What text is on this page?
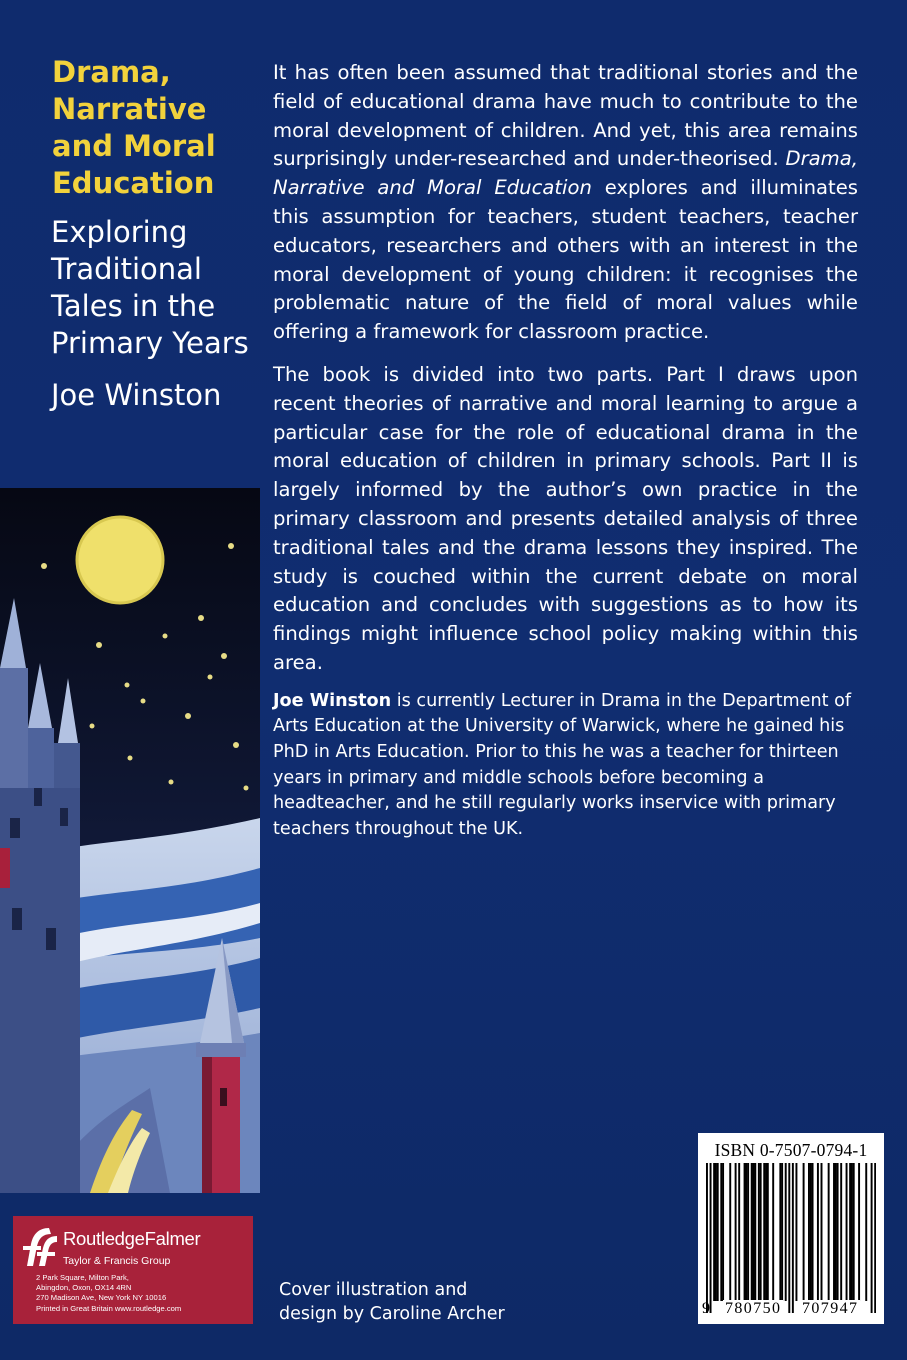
Drama,
Narrative
and Moral
Education
Exploring
Traditional
Tales in the
Primary Years
Joe Winston

It has often been assumed that traditional stories and the field of educational drama have much to contribute to the moral development of children. And yet, this area remains surprisingly under-researched and under-theorised. Drama, Narrative and Moral Education explores and illuminates this assumption for teachers, student teachers, teacher educators, researchers and others with an interest in the moral development of young children: it recognises the problematic nature of the field of moral values while offering a framework for classroom practice.

The book is divided into two parts. Part I draws upon recent theories of narrative and moral learning to argue a particular case for the role of educational drama in the moral education of children in primary schools. Part II is largely informed by the author’s own practice in the primary classroom and presents detailed analysis of three traditional tales and the drama lessons they inspired. The study is couched within the current debate on moral education and concludes with suggestions as to how its findings might influence school policy making within this area.

Joe Winston is currently Lecturer in Drama in the Department of Arts Education at the University of Warwick, where he gained his PhD in Arts Education. Prior to this he was a teacher for thirteen years in primary and middle schools before becoming a headteacher, and he still regularly works inservice with primary teachers throughout the UK.

RoutledgeFalmer
Taylor & Francis Group
2 Park Square, Milton Park,
Abingdon, Oxon, OX14 4RN
270 Madison Ave, New York NY 10016
Printed in Great Britain www.routledge.com
Cover illustration and
design by Caroline Archer
ISBN 0-7507-0794-1
9 780750 707947
